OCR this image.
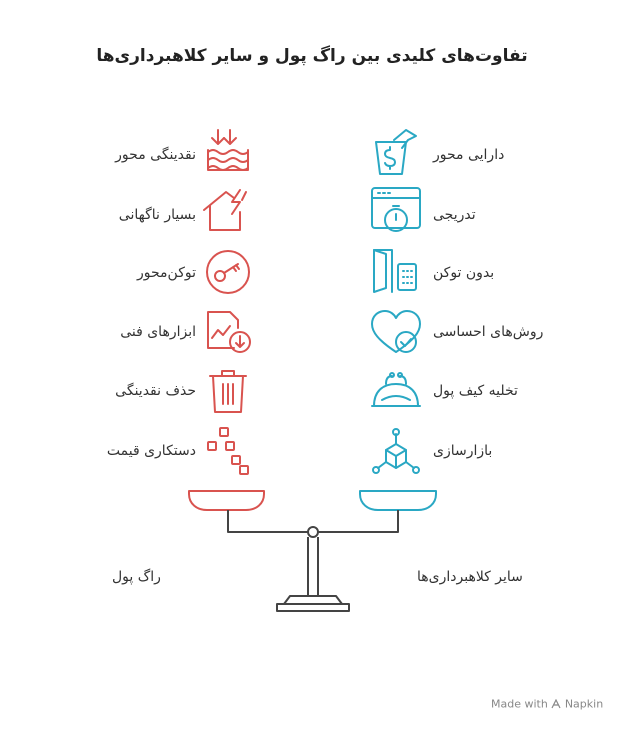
تفاوت‌های کلیدی بین راگ پول و سایر کلاهبرداری‌ها
نقدینگی محور
بسیار ناگهانی
توکن‌محور
ابزارهای فنی
حذف نقدینگی
دستکاری قیمت
دارایی محور
تدریجی
بدون توکن
روش‌های احساسی
تخلیه کیف پول
بازارسازی
راگ پول	سایر کلاهبرداری‌ها
Made with Napkin
